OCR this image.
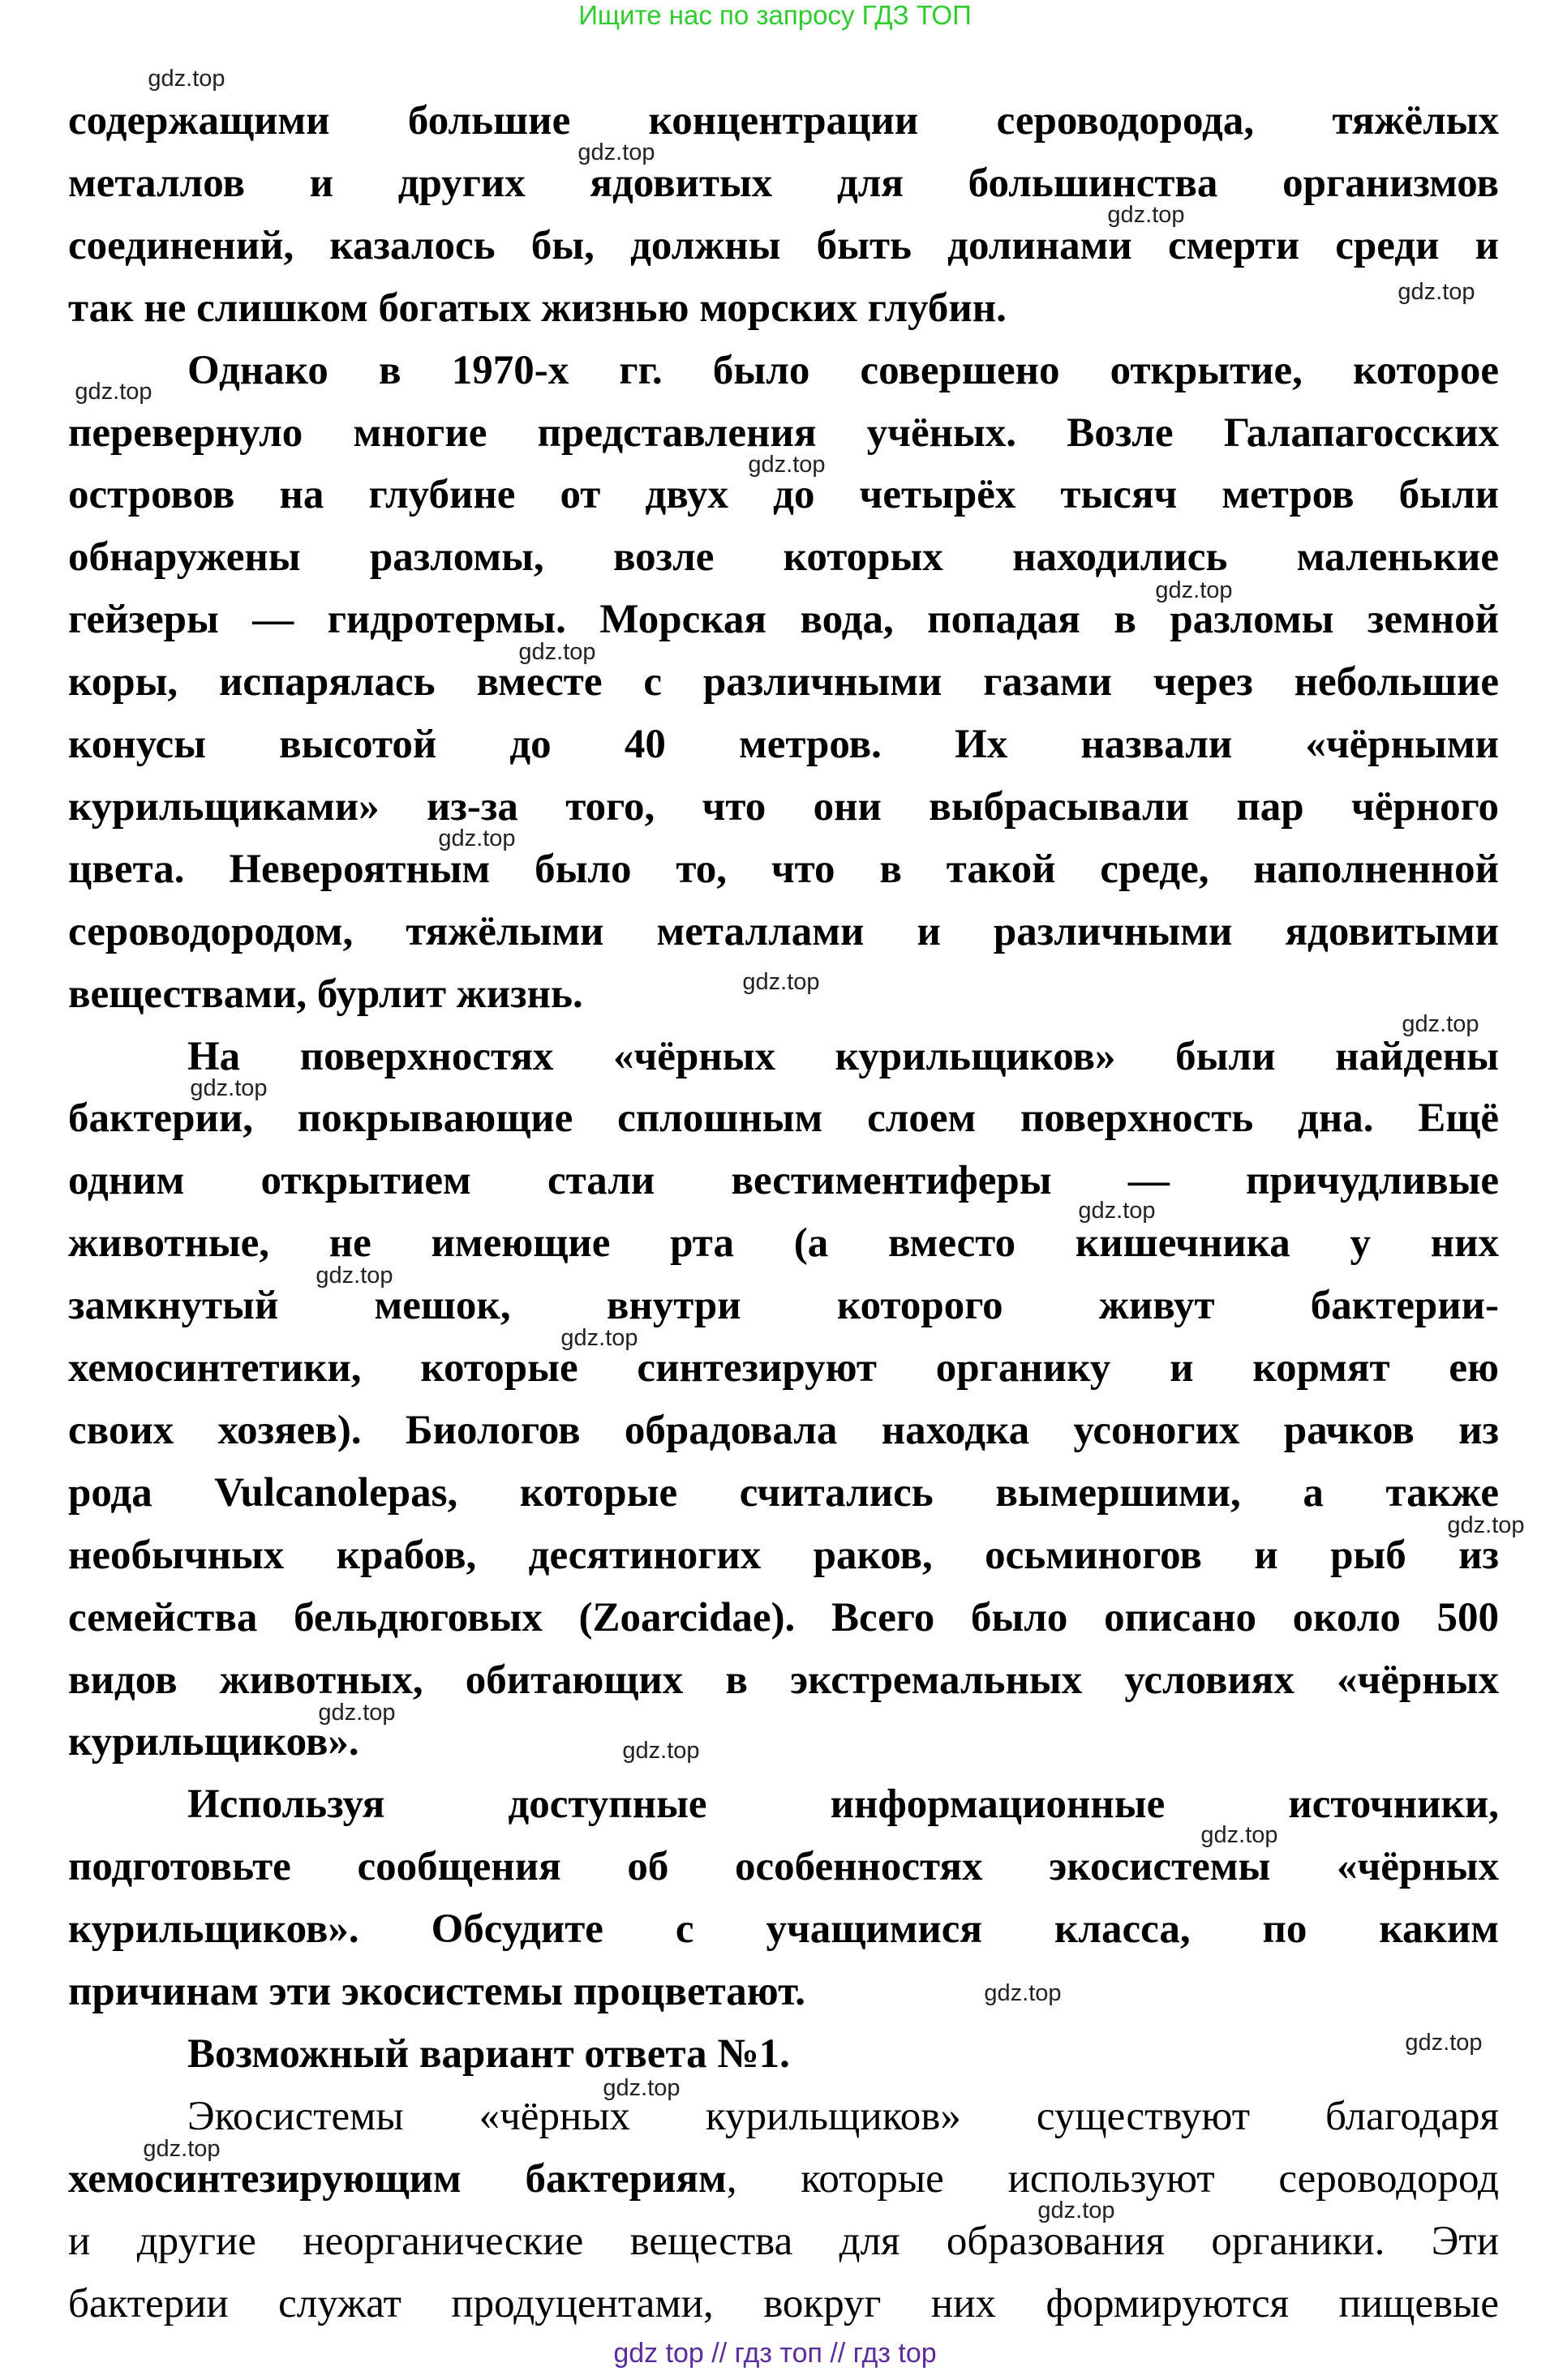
Ищите нас по запросу ГДЗ ТОП
содержащими большие концентрации сероводорода, тяжёлых
металлов и других ядовитых для большинства организмов
соединений, казалось бы, должны быть долинами смерти среди и
так не слишком богатых жизнью морских глубин.
Однако в 1970-х гг. было совершено открытие, которое
перевернуло многие представления учёных. Возле Галапагосских
островов на глубине от двух до четырёх тысяч метров были
обнаружены разломы, возле которых находились маленькие
гейзеры — гидротермы. Морская вода, попадая в разломы земной
коры, испарялась вместе с различными газами через небольшие
конусы высотой до 40 метров. Их назвали «чёрными
курильщиками» из-за того, что они выбрасывали пар чёрного
цвета. Невероятным было то, что в такой среде, наполненной
сероводородом, тяжёлыми металлами и различными ядовитыми
веществами, бурлит жизнь.
На поверхностях «чёрных курильщиков» были найдены
бактерии, покрывающие сплошным слоем поверхность дна. Ещё
одним открытием стали вестиментиферы — причудливые
животные, не имеющие рта (а вместо кишечника у них
замкнутый мешок, внутри которого живут бактерии-
хемосинтетики, которые синтезируют органику и кормят ею
своих хозяев). Биологов обрадовала находка усоногих рачков из
рода Vulcanolepas, которые считались вымершими, а также
необычных крабов, десятиногих раков, осьминогов и рыб из
семейства бельдюговых (Zoarcidae). Всего было описано около 500
видов животных, обитающих в экстремальных условиях «чёрных
курильщиков».
Используя доступные информационные источники,
подготовьте сообщения об особенностях экосистемы «чёрных
курильщиков». Обсудите с учащимися класса, по каким
причинам эти экосистемы процветают.
Возможный вариант ответа №1.
Экосистемы «чёрных курильщиков» существуют благодаря
хемосинтезирующим бактериям, которые используют сероводород
и другие неорганические вещества для образования органики. Эти
бактерии служат продуцентами, вокруг них формируются пищевые
gdz.top
gdz.top
gdz.top
gdz.top
gdz.top
gdz.top
gdz.top
gdz.top
gdz.top
gdz.top
gdz.top
gdz.top
gdz.top
gdz.top
gdz.top
gdz.top
gdz.top
gdz.top
gdz.top
gdz.top
gdz.top
gdz.top
gdz.top
gdz.top
gdz top // гдз топ // гдз top
